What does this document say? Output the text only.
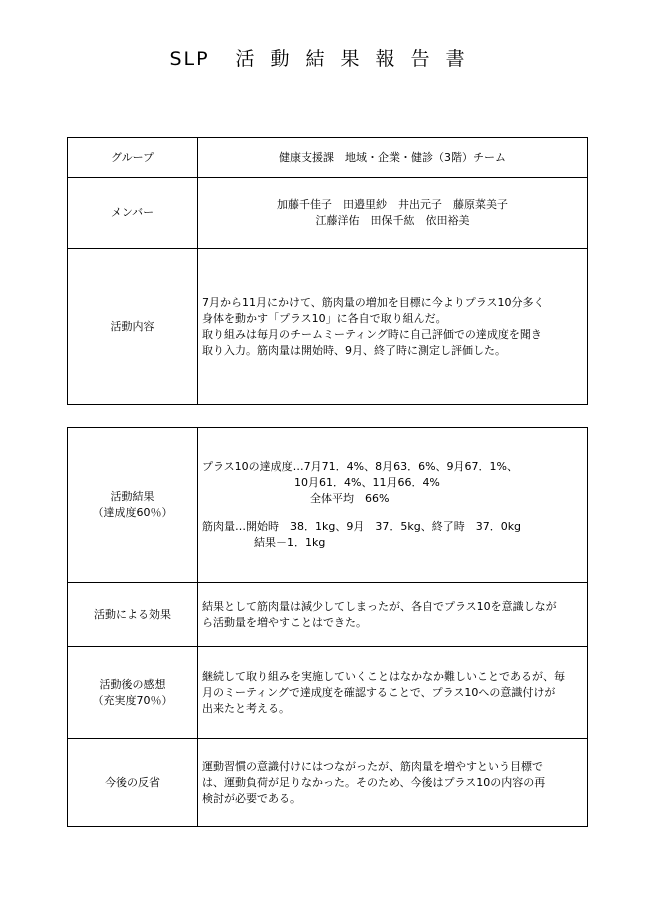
SLP 活動結果報告書
グループ	健康支援課　地域・企業・健診（3階）チーム
メンバー	加藤千佳子　田邉里紗　井出元子　藤原菜美子
江藤洋佑　田保千紘　依田裕美

活動内容	7月から11月にかけて、筋肉量の増加を目標に今よりプラス10分多く
身体を動かす「プラス10」に各自で取り組んだ。
取り組みは毎月のチームミーティング時に自己評価での達成度を聞き
取り入力。筋肉量は開始時、9月、終了時に測定し評価した。
活動結果
（達成度60％）	プラス10の達成度…7月71．4%、8月63．6%、9月67．1%、
10月61．4%、11月66．4%
全体平均　66%
筋肉量…開始時　38．1kg、9月　37．5kg、終了時　37．0kg
結果－1．1kg

活動による効果	結果として筋肉量は減少してしまったが、各自でプラス10を意識しなが
ら活動量を増やすことはできた。

活動後の感想
（充実度70％）	継続して取り組みを実施していくことはなかなか難しいことであるが、毎
月のミーティングで達成度を確認することで、プラス10への意識付けが
出来たと考える。

今後の反省	運動習慣の意識付けにはつながったが、筋肉量を増やすという目標で
は、運動負荷が足りなかった。そのため、今後はプラス10の内容の再
検討が必要である。
